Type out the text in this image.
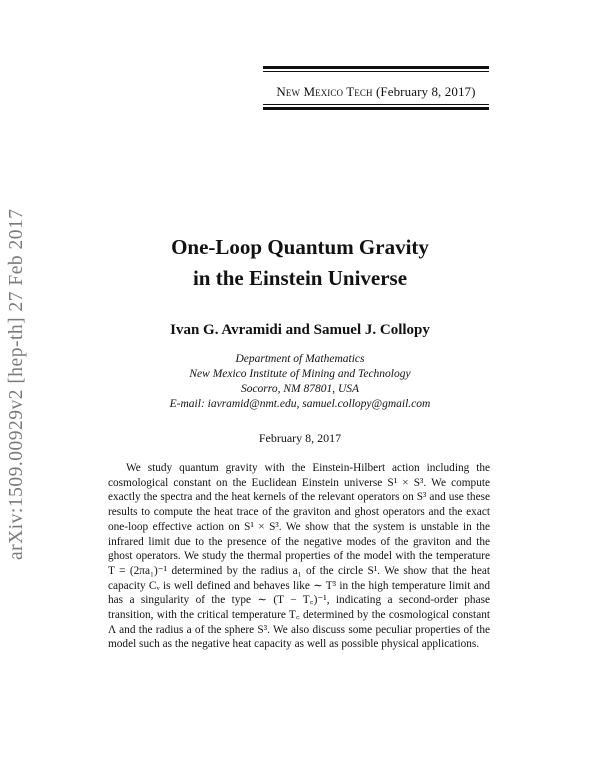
New Mexico Tech (February 8, 2017)
arXiv:1509.00929v2 [hep-th] 27 Feb 2017	One-Loop Quantum Gravity
in the Einstein Universe
Ivan G. Avramidi and Samuel J. Collopy
Department of Mathematics
New Mexico Institute of Mining and Technology
Socorro, NM 87801, USA
E-mail: iavramid@nmt.edu, samuel.collopy@gmail.com
February 8, 2017
We study quantum gravity with the Einstein-Hilbert action including the cosmological constant on the Euclidean Einstein universe S¹ × S³. We compute exactly the spectra and the heat kernels of the relevant operators on S³ and use these results to compute the heat trace of the graviton and ghost operators and the exact one-loop effective action on S¹ × S³. We show that the system is unstable in the infrared limit due to the presence of the negative modes of the graviton and the ghost operators. We study the thermal properties of the model with the temperature T = (2πa₁)⁻¹ determined by the radius a₁ of the circle S¹. We show that the heat capacity Cᵥ is well defined and behaves like ∼ T³ in the high temperature limit and has a singularity of the type ∼ (T − T꜀)⁻¹, indicating a second-order phase transition, with the critical temperature T꜀ determined by the cosmological constant Λ and the radius a of the sphere S³. We also discuss some peculiar properties of the model such as the negative heat capacity as well as possible physical applications.
